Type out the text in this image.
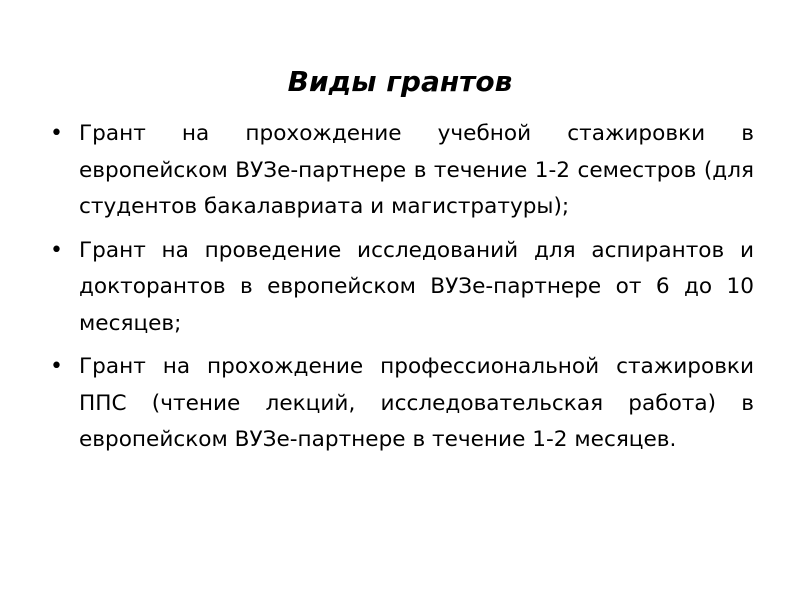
Виды грантов
• Грант на прохождение учебной стажировки в европейском ВУЗе-партнере в течение 1-2 семестров (для студентов бакалавриата и магистратуры);
• Грант на проведение исследований для аспирантов и докторантов в европейском ВУЗе-партнере от 6 до 10 месяцев;
• Грант на прохождение профессиональной стажировки ППС (чтение лекций, исследовательская работа) в европейском ВУЗе-партнере в течение 1-2 месяцев.
